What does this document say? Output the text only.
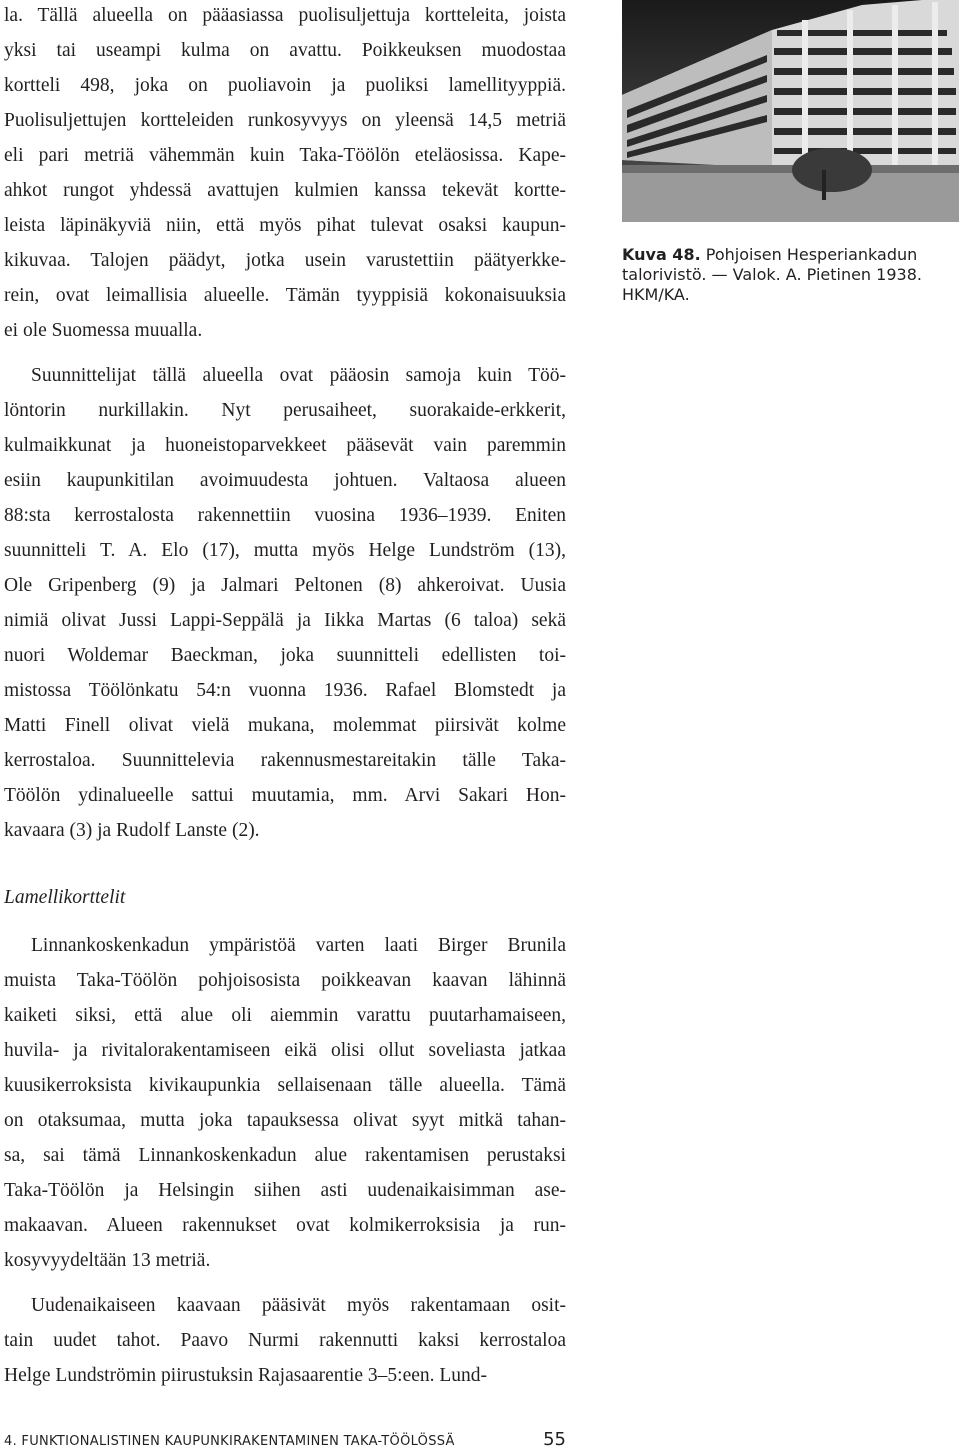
la. Tällä alueella on pääasiassa puolisuljettuja kortteleita, joista
yksi tai useampi kulma on avattu. Poikkeuksen muodostaa
kortteli 498, joka on puoliavoin ja puoliksi lamellityyppiä.
Puolisuljettujen kortteleiden runkosyvyys on yleensä 14,5 metriä
eli pari metriä vähemmän kuin Taka-Töölön eteläosissa. Kape-
ahkot rungot yhdessä avattujen kulmien kanssa tekevät kortte-
leista läpinäkyviä niin, että myös pihat tulevat osaksi kaupun-
kikuvaa. Talojen päädyt, jotka usein varustettiin päätyerkke-
rein, ovat leimallisia alueelle. Tämän tyyppisiä kokonaisuuksia
ei ole Suomessa muualla.
Suunnittelijat tällä alueella ovat pääosin samoja kuin Töö-
löntorin nurkillakin. Nyt perusaiheet, suorakaide-erkkerit,
kulmaikkunat ja huoneistoparvekkeet pääsevät vain paremmin
esiin kaupunkitilan avoimuudesta johtuen. Valtaosa alueen
88:sta kerrostalosta rakennettiin vuosina 1936–1939. Eniten
suunnitteli T. A. Elo (17), mutta myös Helge Lundström (13),
Ole Gripenberg (9) ja Jalmari Peltonen (8) ahkeroivat. Uusia
nimiä olivat Jussi Lappi-Seppälä ja Iikka Martas (6 taloa) sekä
nuori Woldemar Baeckman, joka suunnitteli edellisten toi-
mistossa Töölönkatu 54:n vuonna 1936. Rafael Blomstedt ja
Matti Finell olivat vielä mukana, molemmat piirsivät kolme
kerrostaloa. Suunnittelevia rakennusmestareitakin tälle Taka-
Töölön ydinalueelle sattui muutamia, mm. Arvi Sakari Hon-
kavaara (3) ja Rudolf Lanste (2).
Lamellikorttelit
Linnankoskenkadun ympäristöä varten laati Birger Brunila
muista Taka-Töölön pohjoisosista poikkeavan kaavan lähinnä
kaiketi siksi, että alue oli aiemmin varattu puutarhamaiseen,
huvila- ja rivitalorakentamiseen eikä olisi ollut soveliasta jatkaa
kuusikerroksista kivikaupunkia sellaisenaan tälle alueella. Tämä
on otaksumaa, mutta joka tapauksessa olivat syyt mitkä tahan-
sa, sai tämä Linnankoskenkadun alue rakentamisen perustaksi
Taka-Töölön ja Helsingin siihen asti uudenaikaisimman ase-
makaavan. Alueen rakennukset ovat kolmikerroksisia ja run-
kosyvyydeltään 13 metriä.
Uudenaikaiseen kaavaan pääsivät myös rakentamaan osit-
tain uudet tahot. Paavo Nurmi rakennutti kaksi kerrostaloa
Helge Lundströmin piirustuksin Rajasaarentie 3–5:een. Lund-
Kuva 48. Pohjoisen Hesperiankadun
talorivistö. — Valok. A. Pietinen 1938.
HKM/KA.
4. FUNKTIONALISTINEN KAUPUNKIRAKENTAMINEN TAKA-TÖÖLÖSSÄ	55
